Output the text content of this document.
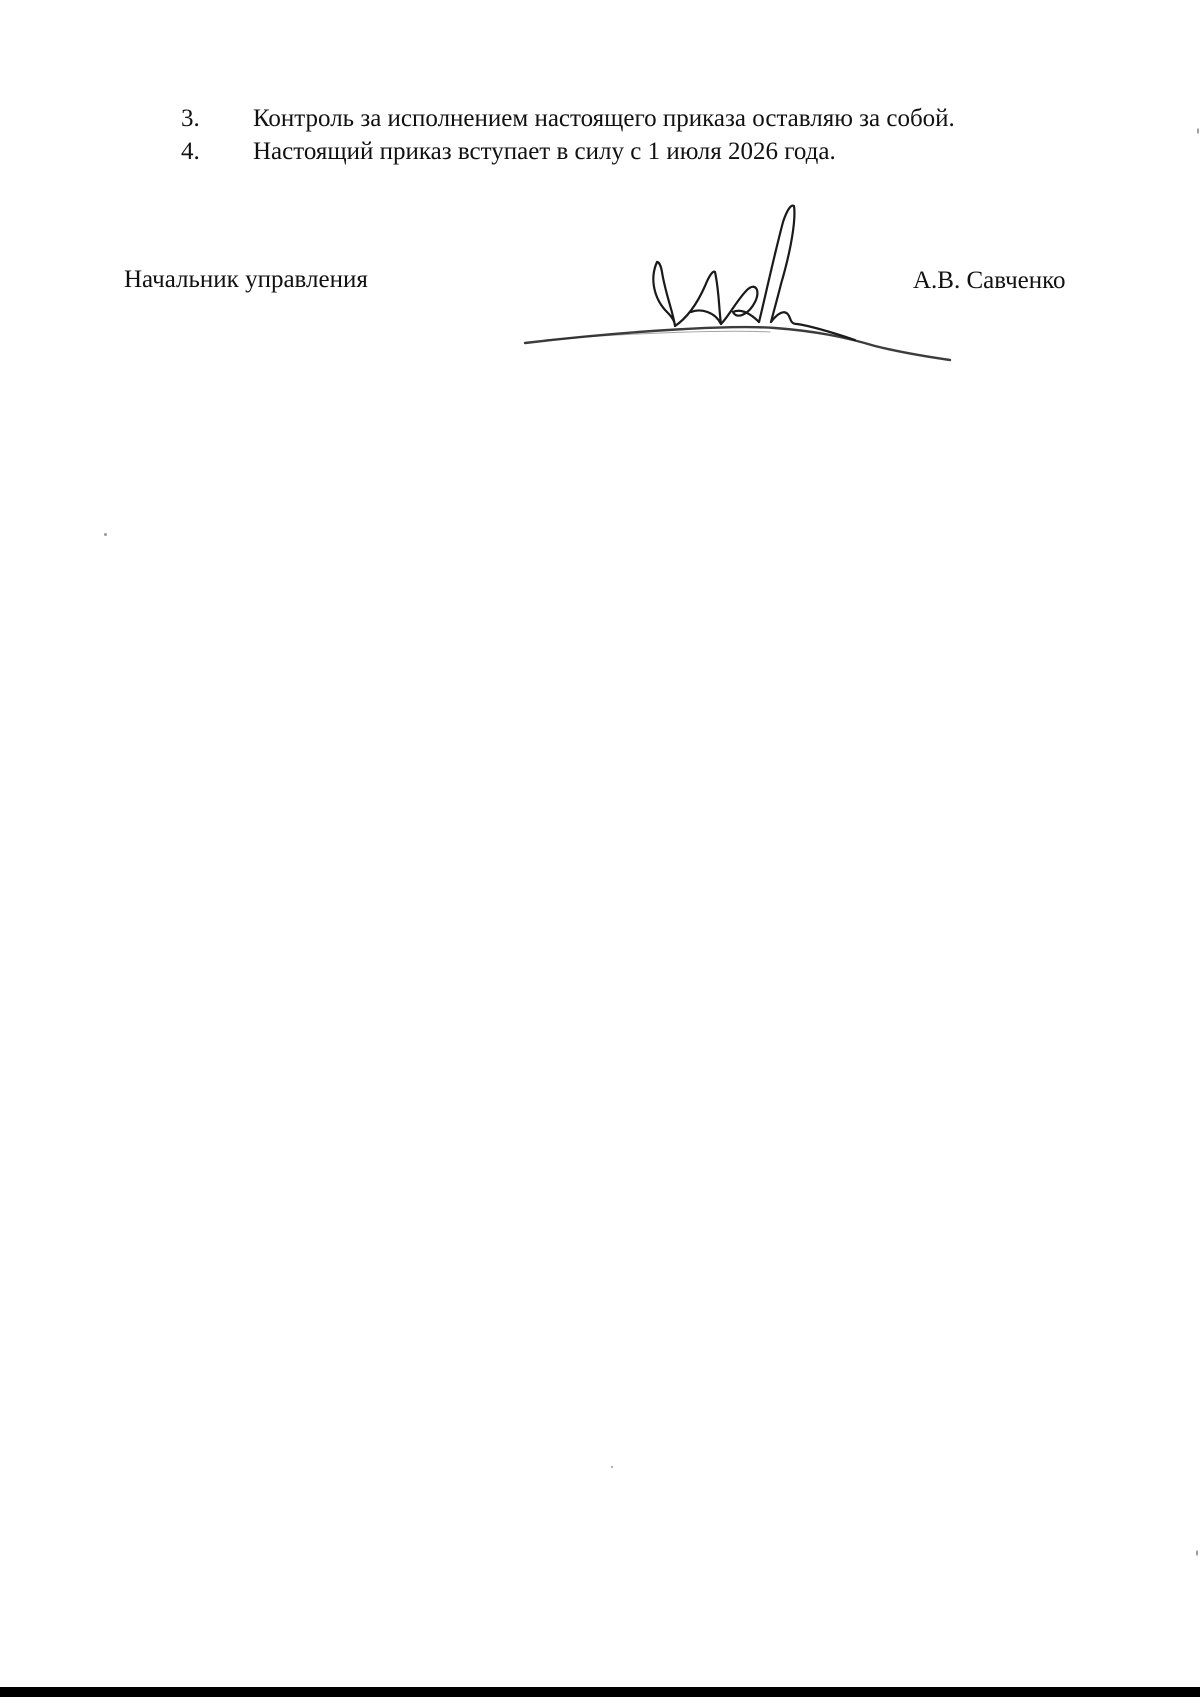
3. Контроль за исполнением настоящего приказа оставляю за собой.
4. Настоящий приказ вступает в силу с 1 июля 2026 года.
Начальник управления	А.В. Савченко
